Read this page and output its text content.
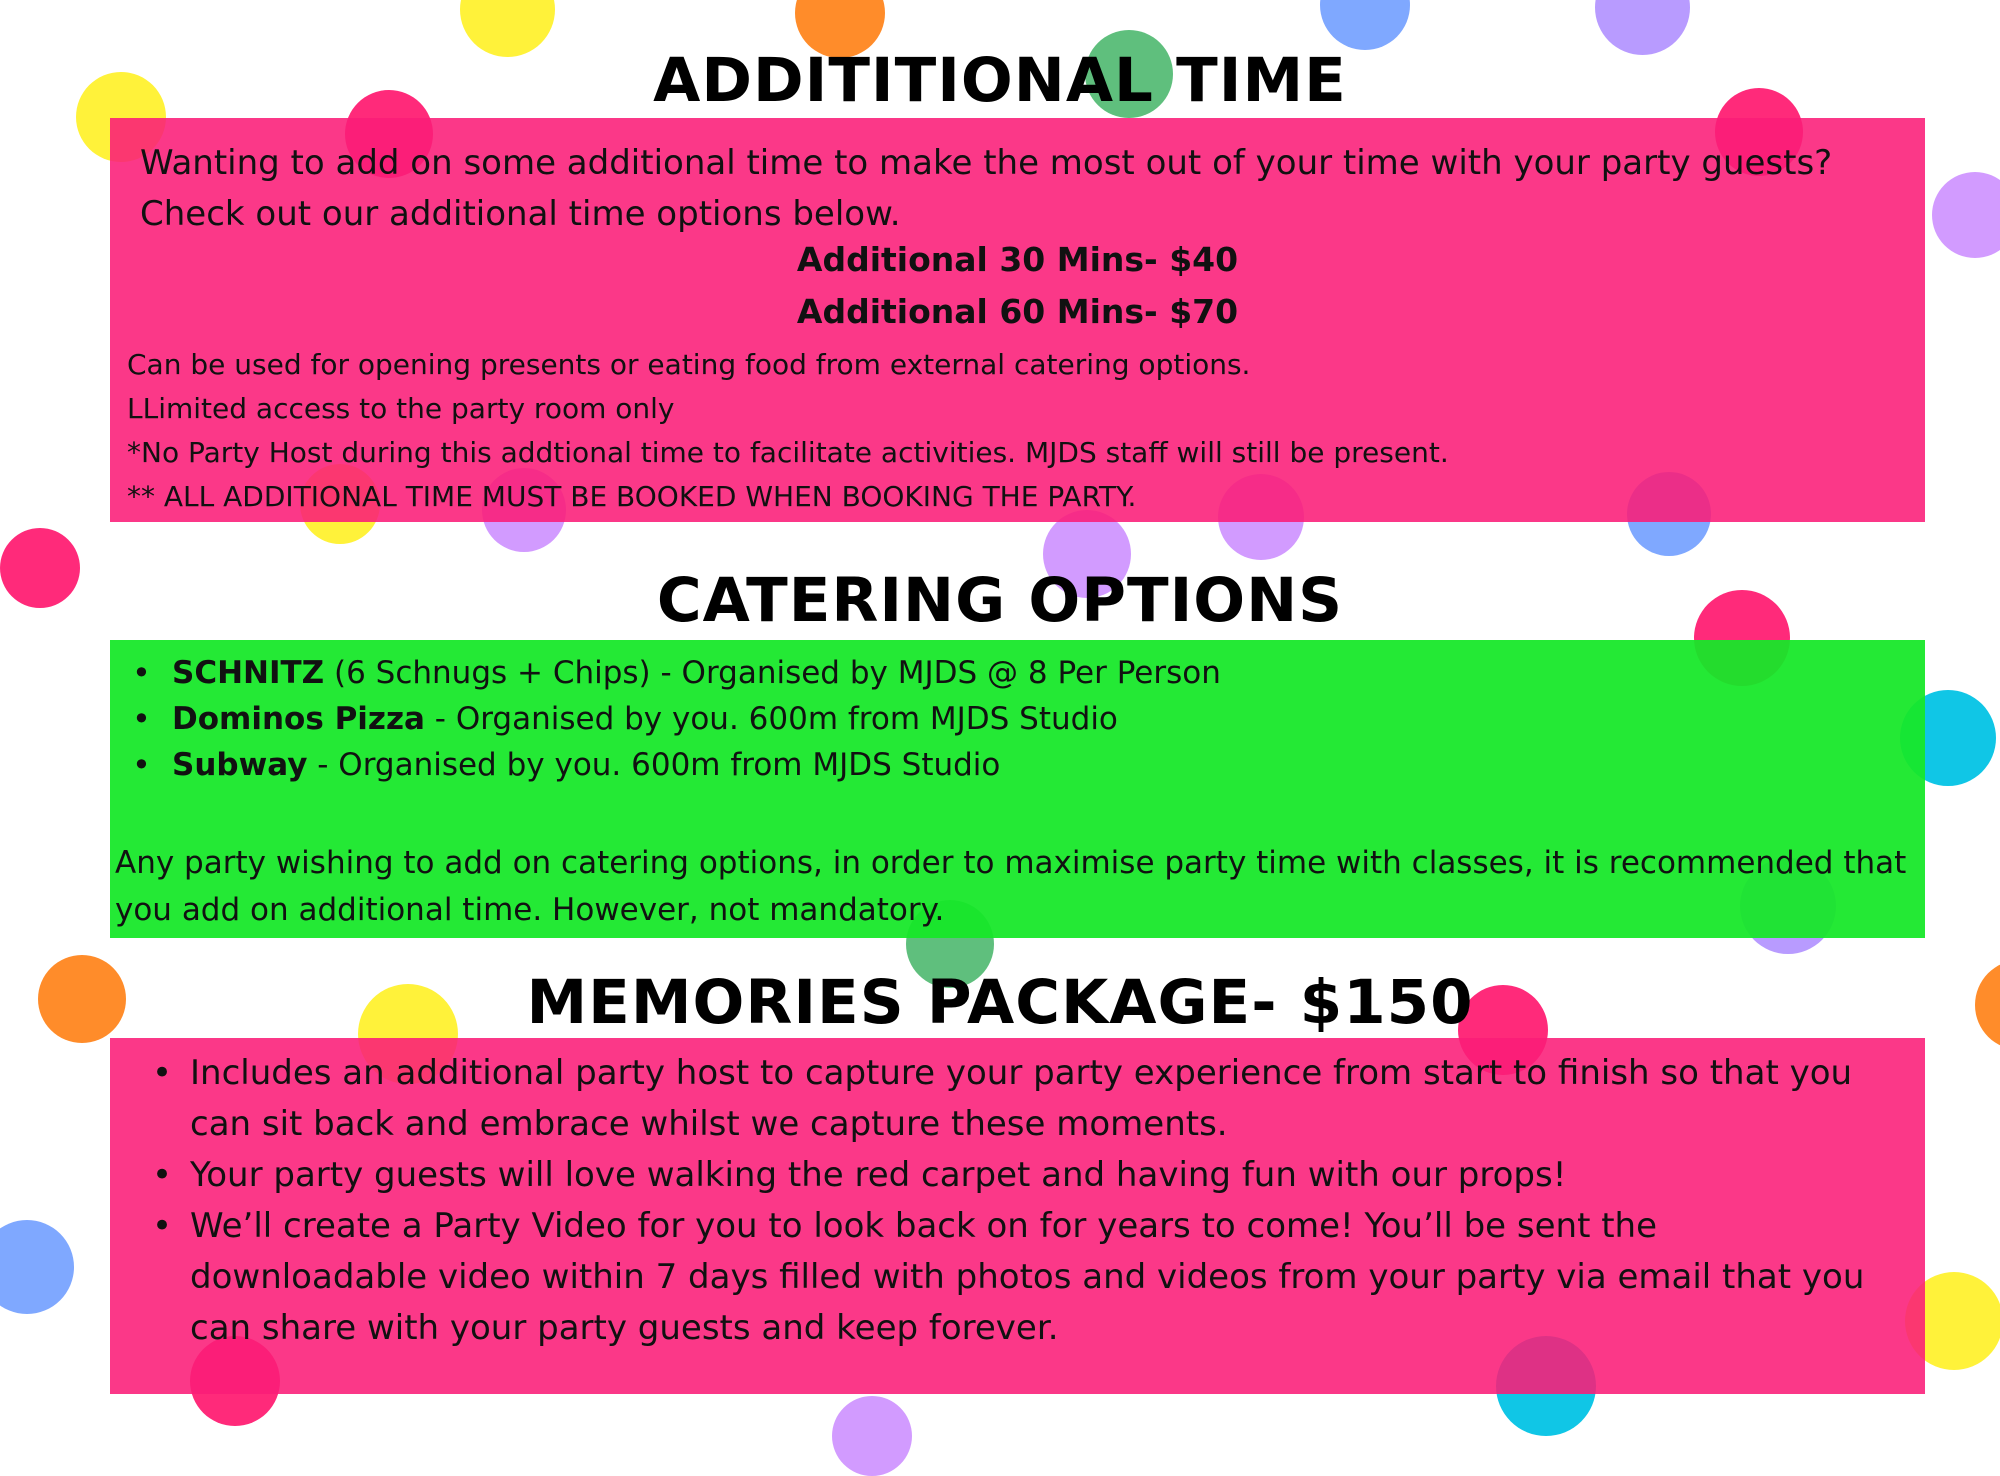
ADDITITIONAL TIME

Wanting to add on some additional time to make the most out of your time with your party guests? Check out our additional time options below.

Additional 30 Mins- $40

Additional 60 Mins- $70

Can be used for opening presents or eating food from external catering options.

LLimited access to the party room only

*No Party Host during this addtional time to facilitate activities. MJDS staff will still be present.

** ALL ADDITIONAL TIME MUST BE BOOKED WHEN BOOKING THE PARTY.

CATERING OPTIONS
• SCHNITZ (6 Schnugs + Chips) - Organised by MJDS @ 8 Per Person
• Dominos Pizza - Organised by you. 600m from MJDS Studio
• Subway - Organised by you. 600m from MJDS Studio

Any party wishing to add on catering options, in order to maximise party time with classes, it is recommended that you add on additional time. However, not mandatory.

MEMORIES PACKAGE- $150
• Includes an additional party host to capture your party experience from start to finish so that you can sit back and embrace whilst we capture these moments.
• Your party guests will love walking the red carpet and having fun with our props!
• We’ll create a Party Video for you to look back on for years to come! You’ll be sent the downloadable video within 7 days filled with photos and videos from your party via email that you can share with your party guests and keep forever.
